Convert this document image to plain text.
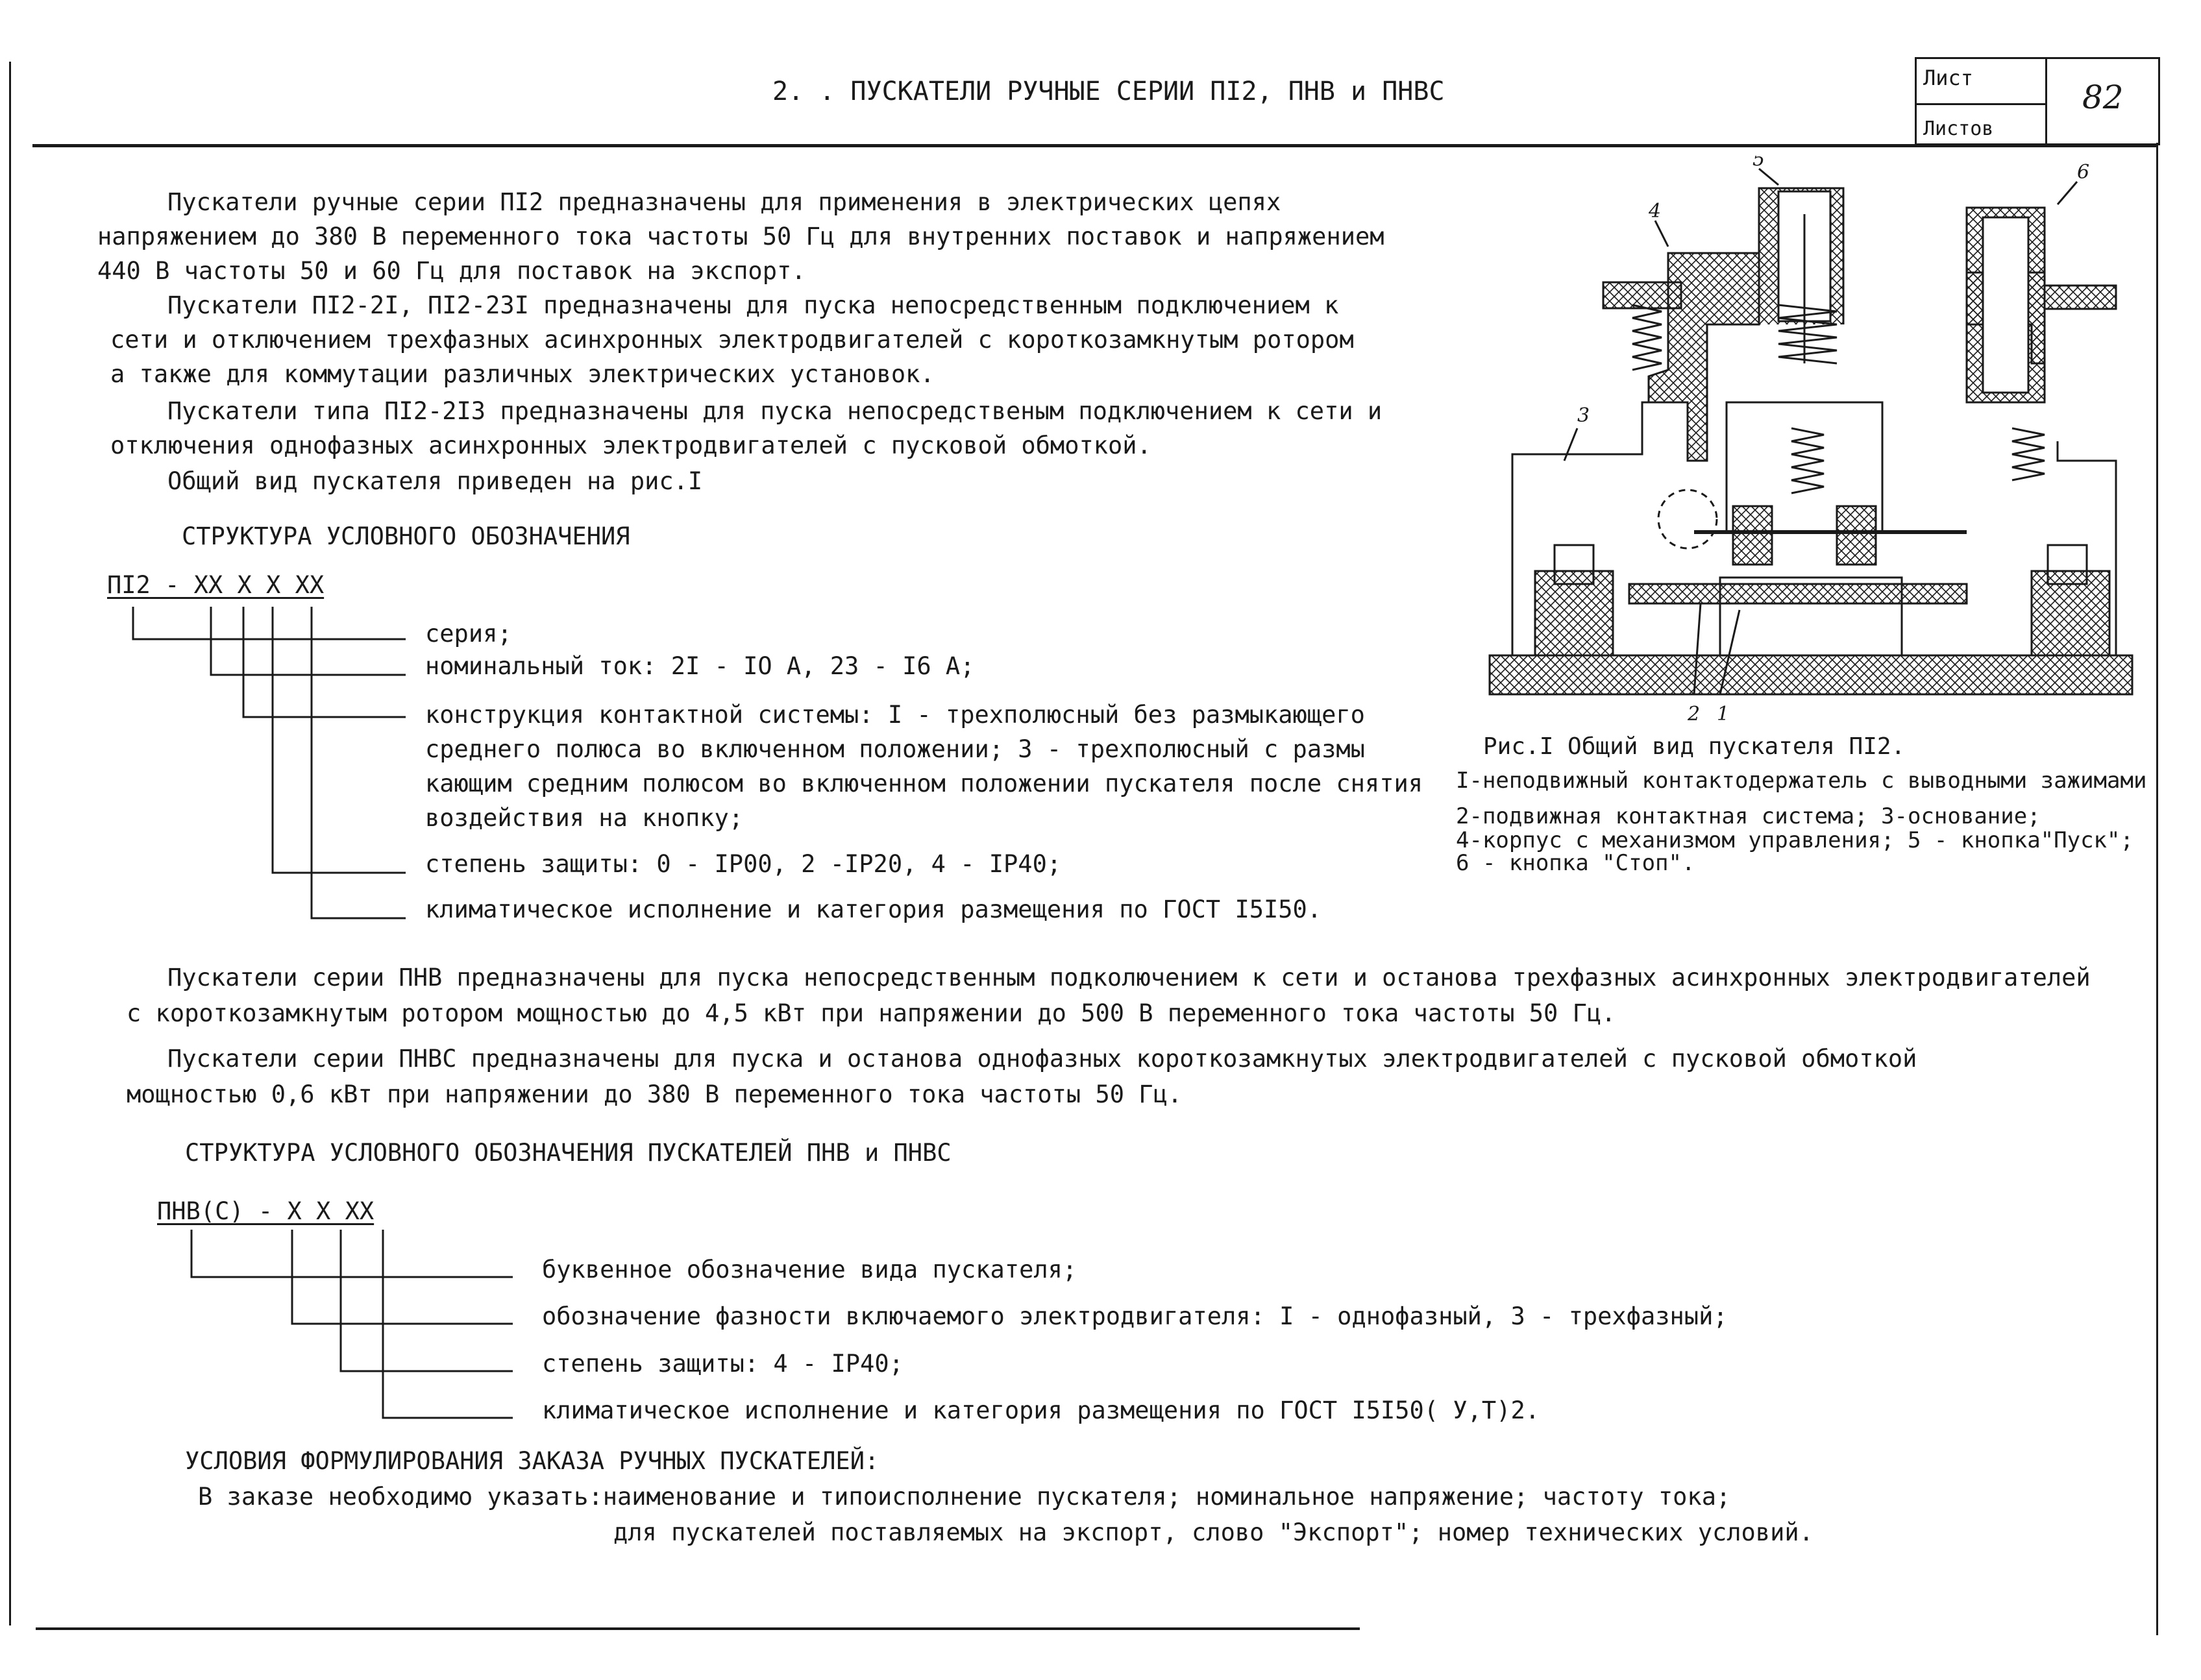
2. . ПУСКАТЕЛИ РУЧНЫЕ СЕРИИ ПI2, ПНВ и ПНВС	Лист
Листов
82
Пускатели ручные серии ПI2 предназначены для применения в электрических цепях
напряжением до 380 В переменного тока частоты 50 Гц для внутренних поставок и напряжением
440 В частоты 50 и 60 Гц для поставок на экспорт.
Пускатели ПI2-2I, ПI2-23I предназначены для пуска непосредственным подключением к
сети и отключением трехфазных асинхронных электродвигателей с короткозамкнутым ротором
а также для коммутации различных электрических установок.
Пускатели типа ПI2-2I3 предназначены для пуска непосредственым подключением к сети и
отключения однофазных асинхронных электродвигателей с пусковой обмоткой.
Общий вид пускателя приведен на рис.I
СТРУКТУРА УСЛОВНОГО ОБОЗНАЧЕНИЯ
ПI2 - XX X X XX
серия;
номинальный ток: 2I - IO A, 23 - I6 A;
конструкция контактной системы: I - трехполюсный без размыкающего
среднего полюса во включенном положении; 3 - трехполюсный с размы
кающим средним полюсом во включенном положении пускателя после снятия
воздействия на кнопку;
степень защиты: 0 - IP00, 2 -IP20, 4 - IP40;
климатическое исполнение и категория размещения по ГОСТ I5I50.
1
2
3
4
5
6
Рис.I Общий вид пускателя ПI2.
I-неподвижный контактодержатель с выводными зажимами
2-подвижная контактная система; 3-основание;
4-корпус с механизмом управления; 5 - кнопка"Пуск";
6 - кнопка "Стоп".
Пускатели серии ПНВ предназначены для пуска непосредственным подколючением к сети и останова трехфазных асинхронных электродвигателей
с короткозамкнутым ротором мощностью до 4,5 кВт при напряжении до 500 В переменного тока частоты 50 Гц.
Пускатели серии ПНВС предназначены для пуска и останова однофазных короткозамкнутых электродвигателей с пусковой обмоткой
мощностью 0,6 кВт при напряжении до 380 В переменного тока частоты 50 Гц.
СТРУКТУРА УСЛОВНОГО ОБОЗНАЧЕНИЯ ПУСКАТЕЛЕЙ ПНВ и ПНВС
ПНВ(С) - X X XX
буквенное обозначение вида пускателя;
обозначение фазности включаемого электродвигателя: I - однофазный, 3 - трехфазный;
степень защиты: 4 - IP40;
климатическое исполнение и категория размещения по ГОСТ I5I50( У,Т)2.
УСЛОВИЯ ФОРМУЛИРОВАНИЯ ЗАКАЗА РУЧНЫХ ПУСКАТЕЛЕЙ:
В заказе необходимо указать:наименование и типоисполнение пускателя; номинальное напряжение; частоту тока;
для пускателей поставляемых на экспорт, слово "Экспорт"; номер технических условий.
